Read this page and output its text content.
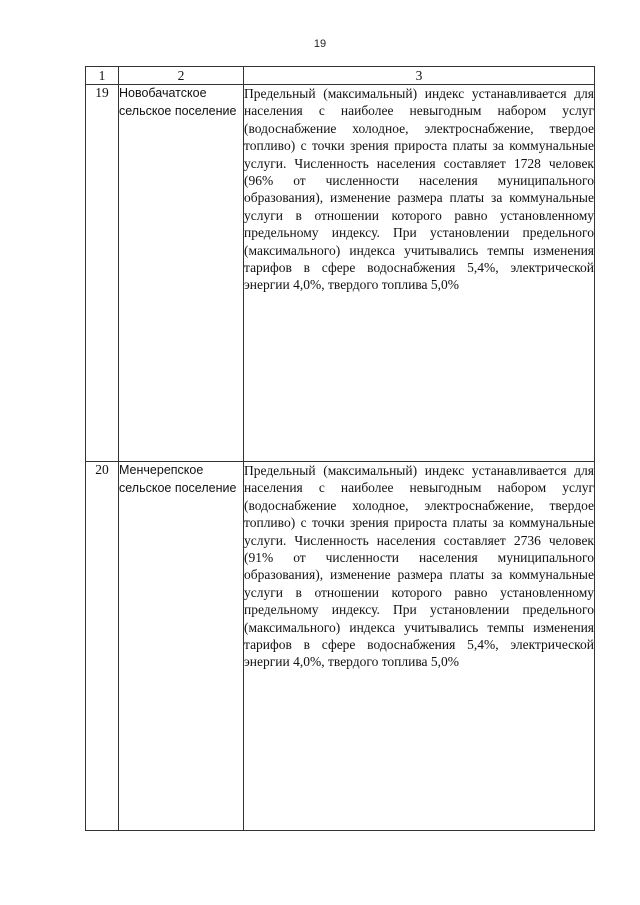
19
1	2	3
19	Новобачатское сельское поселение	Предельный (максимальный) индекс устанавливается для населения с наиболее невыгодным набором услуг (водоснабжение холодное, электроснабжение, твердое топливо) с точки зрения прироста платы за коммунальные услуги. Численность населения составляет 1728 человек (96% от численности населения муниципального образования), изменение размера платы за коммунальные услуги в отношении которого равно установленному предельному индексу. При установлении предельного (максимального) индекса учитывались темпы изменения тарифов в сфере водоснабжения 5,4%, электрической энергии 4,0%, твердого топлива 5,0%
20	Менчерепское сельское поселение	Предельный (максимальный) индекс устанавливается для населения с наиболее невыгодным набором услуг (водоснабжение холодное, электроснабжение, твердое топливо) с точки зрения прироста платы за коммунальные услуги. Численность населения составляет 2736 человек (91% от численности населения муниципального образования), изменение размера платы за коммунальные услуги в отношении которого равно установленному предельному индексу. При установлении предельного (максимального) индекса учитывались темпы изменения тарифов в сфере водоснабжения 5,4%, электрической энергии 4,0%, твердого топлива 5,0%
